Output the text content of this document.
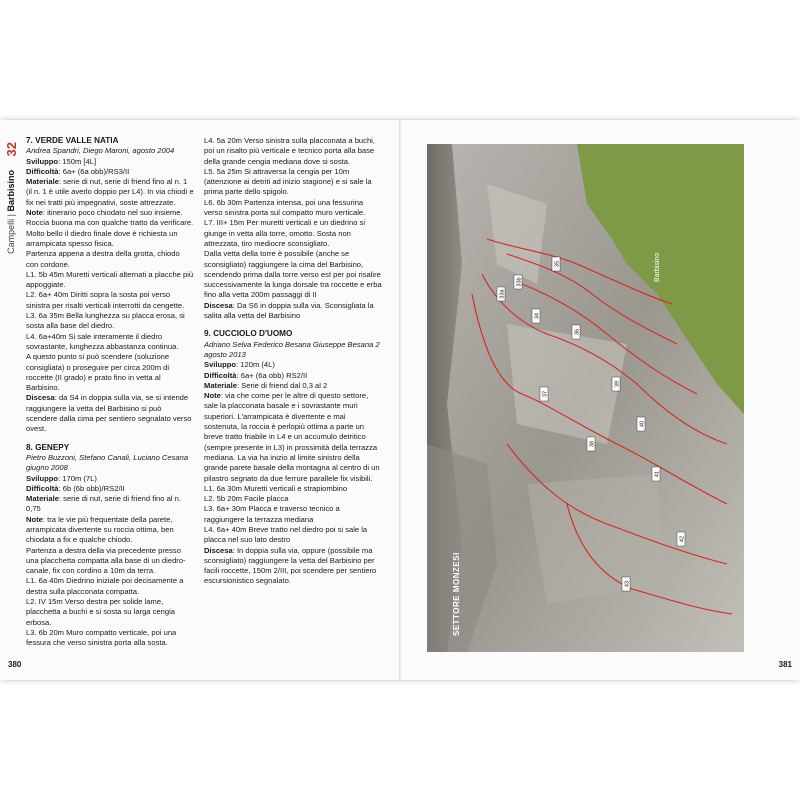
32
Campelli | Barbisino

7. VERDE VALLE NATIA

Andrea Spandri, Diego Maroni, agosto 2004

Sviluppo: 150m [4L]

Difficoltà: 6a+ (6a obb)/RS3/II

Materiale: serie di nut, serie di friend fino al n. 1 (il n. 1 è utile averlo doppio per L4). In via chiodi e fix nei tratti più impegnativi, soste attrezzate.

Note: itinerario poco chiodato nel suo insieme. Roccia buona ma con qualche tratto da verificare. Molto bello il diedro finale dove è richiesta un arrampicata spesso fisica.

Partenza appena a destra della grotta, chiodo con cordone.

L1. 5b 45m Muretti verticali alternati a placche più appoggiate.

L2. 6a+ 40m Diritti sopra la sosta poi verso sinistra per risalti verticali interrotti da cengette.

L3. 6a 35m Bella lunghezza su placca erosa, si sosta alla base del diedro.

L4. 6a+40m Si sale interamente il diedro sovrastante, lunghezza abbastanza continua.

A questo punto si può scendere (soluzione consigliata) o proseguire per circa 200m di roccette (II grado) e prato fino in vetta al Barbisino.

Discesa: da S4 in doppia sulla via, se si intende raggiungere la vetta del Barbisino si può scendere dalla cima per sentiero segnalato verso ovest.

8. GENEPY

Pietro Buzzoni, Stefano Canali, Luciano Cesana giugno 2008

Sviluppo: 170m (7L)

Difficoltà: 6b (6b obb)/RS2/II

Materiale: serie di nut, serie di friend fino al n. 0,75

Note: tra le vie più frequentate della parete, arrampicata divertente su roccia ottima, ben chiodata a fix e qualche chiodo.

Partenza a destra della via precedente presso una placchetta compatta alla base di un diedro-canale, fix con cordino a 10m da terra.

L1. 6a 40m Diedrino iniziale poi decisamente a destra sulla placconata compatta.

L2. IV 15m Verso destra per solide lame, placchetta a buchi e si sosta su larga cengia erbosa.

L3. 6b 20m Muro compatto verticale, poi una fessura che verso sinistra porta alla sosta.

L4. 5a 20m Verso sinistra sulla placconata a buchi, poi un risalto più verticale e tecnico porta alla base della grande cengia mediana dove si sosta.

L5. 5a 25m Si attraversa la cengia per 10m (attenzione ai detriti ad inizio stagione) e si sale la prima parte dello spigolo.

L6. 6b 30m Partenza intensa, poi una fessurina verso sinistra porta sul compatto muro verticale.

L7. III+ 15m Per muretti verticali e un diedrino si giunge in vetta alla torre, omotto. Sosta non attrezzata, tiro mediocre sconsigliato.

Dalla vetta della torre è possibile (anche se sconsigliato) raggiungere la cima del Barbisino, scendendo prima dalla torre verso est per poi risalire successivamente la lunga dorsale tra roccette e erba fino alla vetta 200m passaggi di II

Discesa: Da S6 in doppia sulla via. Sconsigliata la salita alla vetta del Barbisino

9. CUCCIOLO D'UOMO

Adriano Selva Federico Besana Giuseppe Besana 2 agosto 2013

Sviluppo: 120m (4L)

Difficoltà: 6a+ (6a obb) RS2/II

Materiale: Serie di friend dal 0,3 al 2

Note: via che come per le altre di questo settore, sale la placconata basale e i sovrastante muri superiori. L'arrampicata è divertente e mai sostenuta, la roccia è perlopiù ottima a parte un breve tratto friabile in L4 e un accumulo detritico (sempre presente in L3) in prossimità della terrazza mediana. La via ha inizio al limite sinistro della grande parete basale della montagna al centro di un pilastro segnato da due ferrure parallele fix visibili.

L1. 6a 30m Muretti verticali e strapiombino

L2. 5b 20m Facile placca

L3. 6a+ 30m Placca e traverso tecnico a raggiungere la terrazza mediana

L4. 6a+ 40m Breve tratto nel diedro poi si sale la placca nel suo lato destro

Discesa: In doppia sulla via, oppure (possibile ma sconsigliato) raggiungere la vetta del Barbisino per facili roccette, 150m 2/III, poi scendere per sentiero escursionistico segnalato.

380	381
33a
33b
34
35
36
37
38
39
40
41
42
43
Barbisino
SETTORE MONZESI
